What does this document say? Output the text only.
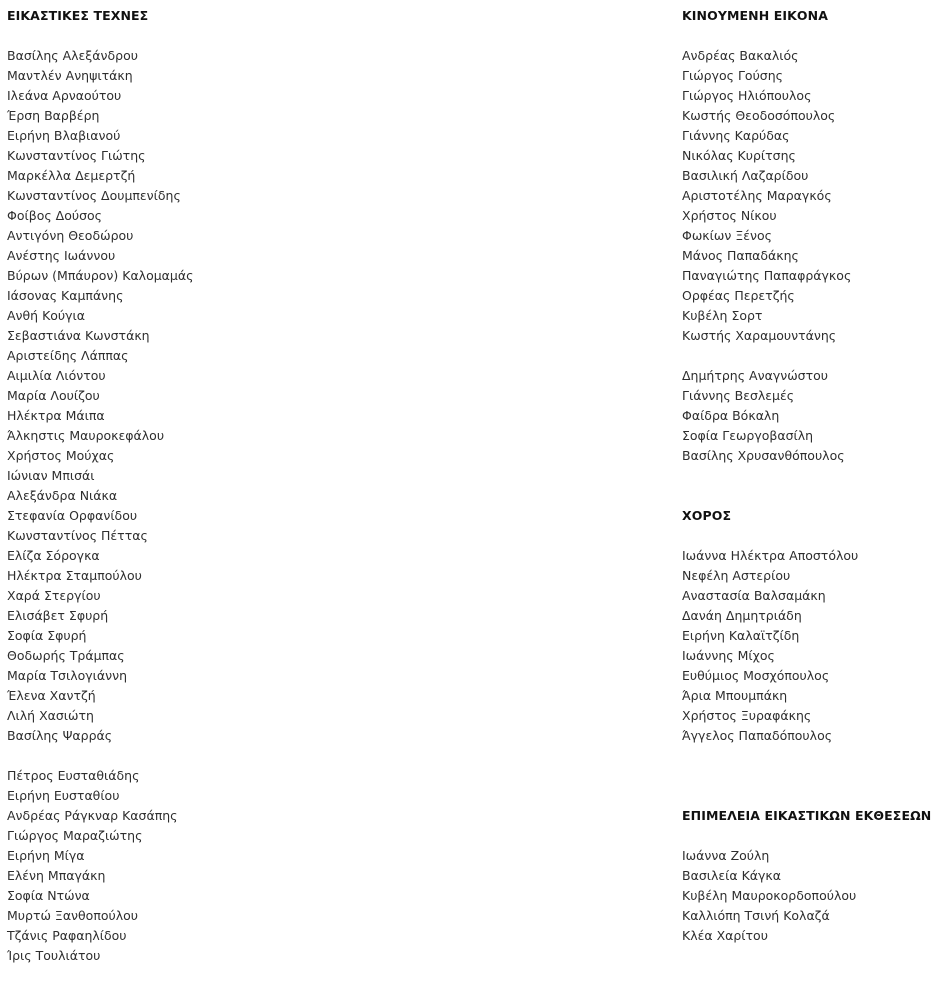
ΕΙΚΑΣΤΙΚΕΣ ΤΕΧΝΕΣ
Βασίλης Αλεξάνδρου
Μαντλέν Ανηψιτάκη
Ιλεάνα Αρναούτου
Έρση Βαρβέρη
Ειρήνη Βλαβιανού
Κωνσταντίνος Γιώτης
Μαρκέλλα Δεμερτζή
Κωνσταντίνος Δουμπενίδης
Φοίβος Δούσος
Αντιγόνη Θεοδώρου
Ανέστης Ιωάννου
Βύρων (Μπάυρον) Καλομαμάς
Ιάσονας Καμπάνης
Ανθή Κούγια
Σεβαστιάνα Κωνστάκη
Αριστείδης Λάππας
Αιμιλία Λιόντου
Μαρία Λουίζου
Ηλέκτρα Μάιπα
Άλκηστις Μαυροκεφάλου
Χρήστος Μούχας
Ιώνιαν Μπισάι
Αλεξάνδρα Νιάκα
Στεφανία Ορφανίδου
Κωνσταντίνος Πέττας
Ελίζα Σόρογκα
Ηλέκτρα Σταμπούλου
Χαρά Στεργίου
Ελισάβετ Σφυρή
Σοφία Σφυρή
Θοδωρής Τράμπας
Μαρία Τσιλογιάννη
Έλενα Χαντζή
Λιλή Χασιώτη
Βασίλης Ψαρράς
Πέτρος Ευσταθιάδης
Ειρήνη Ευσταθίου
Ανδρέας Ράγκναρ Κασάπης
Γιώργος Μαραζιώτης
Ειρήνη Μίγα
Ελένη Μπαγάκη
Σοφία Ντώνα
Μυρτώ Ξανθοπούλου
Τζάνις Ραφαηλίδου
Ίρις Τουλιάτου
ΚΙΝΟΥΜΕΝΗ ΕΙΚΟΝΑ
Ανδρέας Βακαλιός
Γιώργος Γούσης
Γιώργος Ηλιόπουλος
Κωστής Θεοδοσόπουλος
Γιάννης Καρύδας
Νικόλας Κυρίτσης
Βασιλική Λαζαρίδου
Αριστοτέλης Μαραγκός
Χρήστος Νίκου
Φωκίων Ξένος
Μάνος Παπαδάκης
Παναγιώτης Παπαφράγκος
Ορφέας Περετζής
Κυβέλη Σορτ
Κωστής Χαραμουντάνης
Δημήτρης Αναγνώστου
Γιάννης Βεσλεμές
Φαίδρα Βόκαλη
Σοφία Γεωργοβασίλη
Βασίλης Χρυσανθόπουλος
ΧΟΡΟΣ
Ιωάννα Ηλέκτρα Αποστόλου
Νεφέλη Αστερίου
Αναστασία Βαλσαμάκη
Δανάη Δημητριάδη
Ειρήνη Καλαϊτζίδη
Ιωάννης Μίχος
Ευθύμιος Μοσχόπουλος
Άρια Μπουμπάκη
Χρήστος Ξυραφάκης
Άγγελος Παπαδόπουλος
ΕΠΙΜΕΛΕΙΑ ΕΙΚΑΣΤΙΚΩΝ ΕΚΘΕΣΕΩΝ
Ιωάννα Ζούλη
Βασιλεία Κάγκα
Κυβέλη Μαυροκορδοπούλου
Καλλιόπη Τσινή Κολαζά
Κλέα Χαρίτου
